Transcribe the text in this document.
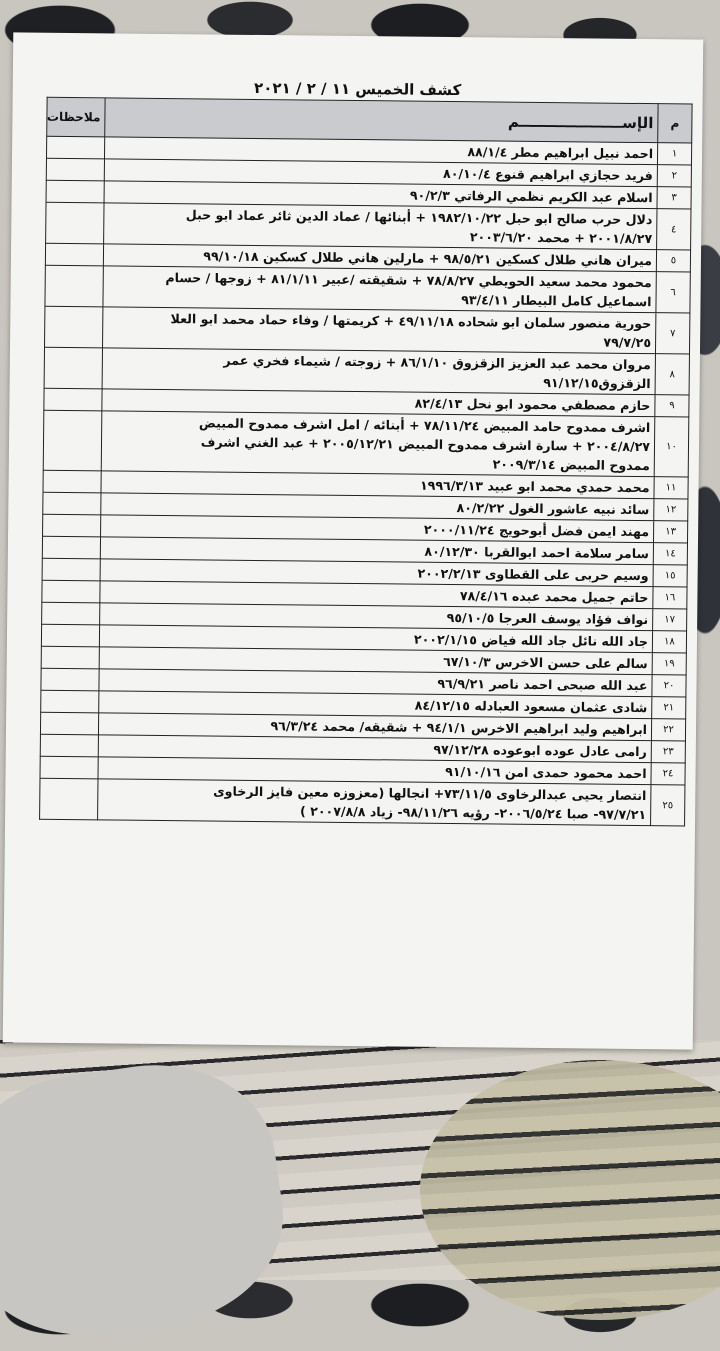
كشف الخميس ١١ / ٢ / ٢٠٢١
م	الإســــــــــــــــــــم	ملاحظات
١	احمد نبيل ابراهيم مطر ٨٨/١/٤	
٢	فريد حجازي ابراهيم قنوع ٨٠/١٠/٤	
٣	اسلام عبد الكريم نظمي الرفاتي ٩٠/٢/٣	
٤	دلال حرب صالح ابو حبل ١٩٨٢/١٠/٢٢ + أبنائها / عماد الدين ثائر عماد ابو حبل
٢٠٠١/٨/٢٧ + محمد ٢٠٠٣/٦/٢٠	
٥	ميران هاني طلال كسكين ٩٨/٥/٢١ + مارلين هاني طلال كسكين ٩٩/١٠/١٨	
٦	محمود محمد سعيد الحويطي ٧٨/٨/٢٧ + شقيقته /عبير ٨١/١/١١ + زوجها / حسام
اسماعيل كامل البيطار ٩٣/٤/١١	
٧	حورية منصور سلمان ابو شحاده ٤٩/١١/١٨ + كريمتها / وفاء حماد محمد ابو العلا
٧٩/٧/٢٥	
٨	مروان محمد عبد العزيز الزقزوق ٨٦/١/١٠ + زوجته / شيماء فخري عمر
الزقزوق٩١/١٢/١٥	
٩	حازم مصطفي محمود ابو نحل ٨٢/٤/١٣	
١٠	اشرف ممدوح حامد المبيض ٧٨/١١/٢٤ + أبنائه / امل اشرف ممدوح المبيض
٢٠٠٤/٨/٢٧ + سارة اشرف ممدوح المبيض ٢٠٠٥/١٢/٢١ + عبد الغني اشرف
ممدوح المبيض ٢٠٠٩/٣/١٤	
١١	محمد حمدي محمد ابو عبيد ١٩٩٦/٣/١٣	
١٢	سائد نبيه عاشور الغول ٨٠/٢/٢٢	
١٣	مهند ايمن فضل أبوحويج ٢٠٠٠/١١/٢٤	
١٤	سامر سلامة احمد ابوالقربا ٨٠/١٢/٣٠	
١٥	وسيم حربى على القطاوى ٢٠٠٢/٢/١٣	
١٦	حاتم جميل محمد عبده ٧٨/٤/١٦	
١٧	نواف فؤاد يوسف العرجا ٩٥/١٠/٥	
١٨	جاد الله نائل جاد الله فياض ٢٠٠٢/١/١٥	
١٩	سالم على حسن الاخرس ٦٧/١٠/٣	
٢٠	عبد الله صبحى احمد ناصر ٩٦/٩/٢١	
٢١	شادى عثمان مسعود العبادله ٨٤/١٢/١٥	
٢٢	ابراهيم وليد ابراهيم الاخرس ٩٤/١/١ + شقيقه/ محمد ٩٦/٣/٢٤	
٢٣	رامى عادل عوده ابوعوده ٩٧/١٢/٢٨	
٢٤	احمد محمود حمدى امن ٩١/١٠/١٦	
٢٥	انتصار يحيى عبدالرخاوى ٧٣/١١/٥+ انجالها (معزوزه معين فايز الرخاوى
٩٧/٧/٢١- صبا ٢٠٠٦/٥/٢٤- رؤيه ٩٨/١١/٢٦- زياد ٢٠٠٧/٨/٨ )	
